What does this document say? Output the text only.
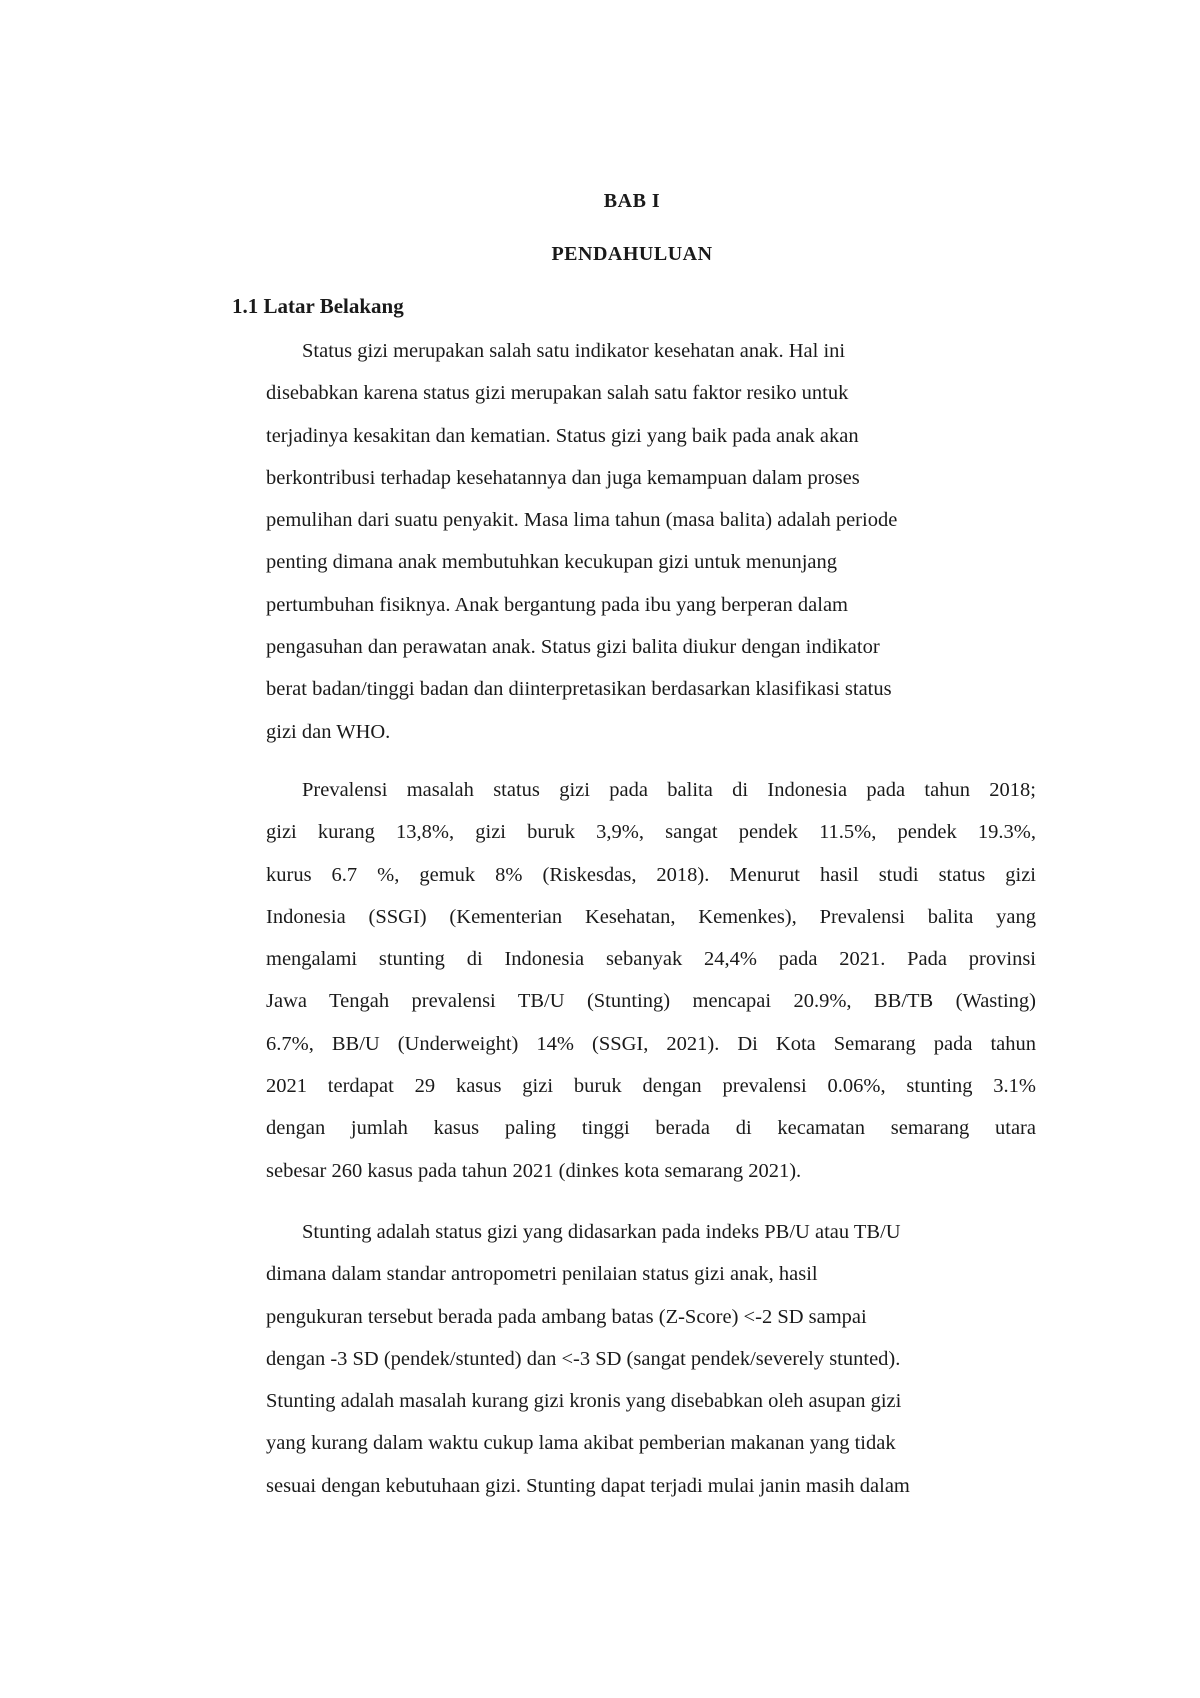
BAB I
PENDAHULUAN
1.1 Latar Belakang
Status gizi merupakan salah satu indikator kesehatan anak. Hal ini
disebabkan karena status gizi merupakan salah satu faktor resiko untuk
terjadinya kesakitan dan kematian. Status gizi yang baik pada anak akan
berkontribusi terhadap kesehatannya dan juga kemampuan dalam proses
pemulihan dari suatu penyakit. Masa lima tahun (masa balita) adalah periode
penting dimana anak membutuhkan kecukupan gizi untuk menunjang
pertumbuhan fisiknya. Anak bergantung pada ibu yang berperan dalam
pengasuhan dan perawatan anak. Status gizi balita diukur dengan indikator
berat badan/tinggi badan dan diinterpretasikan berdasarkan klasifikasi status
gizi dan WHO.
Prevalensi masalah status gizi pada balita di Indonesia pada tahun 2018;
gizi kurang 13,8%, gizi buruk 3,9%, sangat pendek 11.5%, pendek 19.3%,
kurus 6.7 %, gemuk 8% (Riskesdas, 2018). Menurut hasil studi status gizi
Indonesia (SSGI) (Kementerian Kesehatan, Kemenkes), Prevalensi balita yang
mengalami stunting di Indonesia sebanyak 24,4% pada 2021. Pada provinsi
Jawa Tengah prevalensi TB/U (Stunting) mencapai 20.9%, BB/TB (Wasting)
6.7%, BB/U (Underweight) 14% (SSGI, 2021). Di Kota Semarang pada tahun
2021 terdapat 29 kasus gizi buruk dengan prevalensi 0.06%, stunting 3.1%
dengan jumlah kasus paling tinggi berada di kecamatan semarang utara
sebesar 260 kasus pada tahun 2021 (dinkes kota semarang 2021).
Stunting adalah status gizi yang didasarkan pada indeks PB/U atau TB/U
dimana dalam standar antropometri penilaian status gizi anak, hasil
pengukuran tersebut berada pada ambang batas (Z-Score) <-2 SD sampai
dengan -3 SD (pendek/stunted) dan <-3 SD (sangat pendek/severely stunted).
Stunting adalah masalah kurang gizi kronis yang disebabkan oleh asupan gizi
yang kurang dalam waktu cukup lama akibat pemberian makanan yang tidak
sesuai dengan kebutuhaan gizi. Stunting dapat terjadi mulai janin masih dalam
